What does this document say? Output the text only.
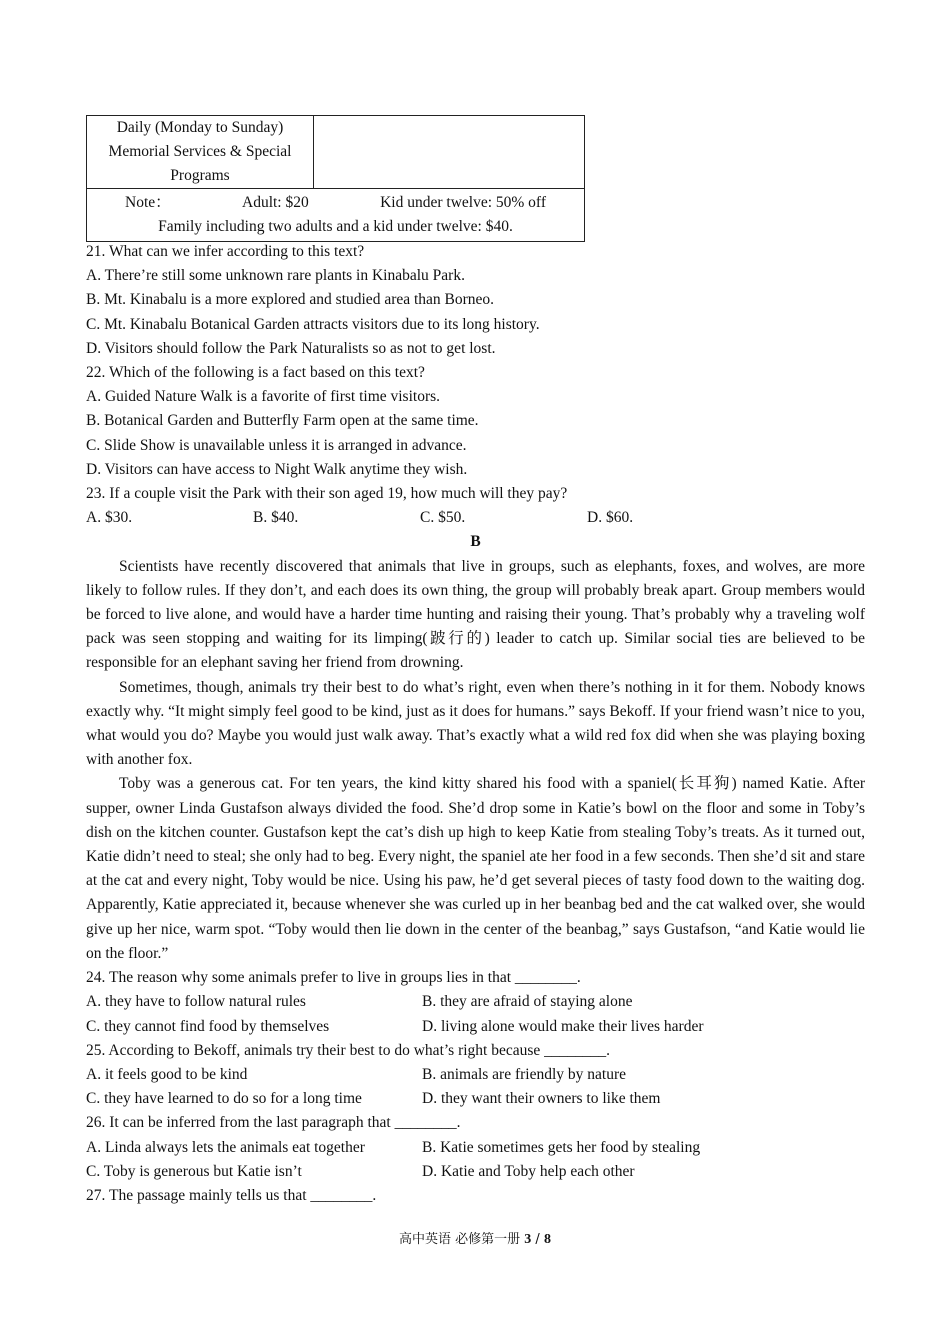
Daily (Monday to Sunday)
Memorial Services & Special
Programs

Note：	Adult: $20	Kid under twelve: 50% off
Family including two adults and a kid under twelve: $40.
21. What can we infer according to this text?
A. There’re still some unknown rare plants in Kinabalu Park.
B. Mt. Kinabalu is a more explored and studied area than Borneo.
C. Mt. Kinabalu Botanical Garden attracts visitors due to its long history.
D. Visitors should follow the Park Naturalists so as not to get lost.
22. Which of the following is a fact based on this text?
A. Guided Nature Walk is a favorite of first time visitors.
B. Botanical Garden and Butterfly Farm open at the same time.
C. Slide Show is unavailable unless it is arranged in advance.
D. Visitors can have access to Night Walk anytime they wish.
23. If a couple visit the Park with their son aged 19, how much will they pay?
A. $30.	B. $40.	C. $50.	D. $60.
B

Scientists have recently discovered that animals that live in groups, such as elephants, foxes, and wolves, are more likely to follow rules. If they don’t, and each does its own thing, the group will probably break apart. Group members would be forced to live alone, and would have a harder time hunting and raising their young. That’s probably why a traveling wolf pack was seen stopping and waiting for its limping(跛行的) leader to catch up. Similar social ties are believed to be responsible for an elephant saving her friend from drowning.

Sometimes, though, animals try their best to do what’s right, even when there’s nothing in it for them. Nobody knows exactly why. “It might simply feel good to be kind, just as it does for humans.” says Bekoff. If your friend wasn’t nice to you, what would you do? Maybe you would just walk away. That’s exactly what a wild red fox did when she was playing boxing with another fox.

Toby was a generous cat. For ten years, the kind kitty shared his food with a spaniel(长耳狗) named Katie. After supper, owner Linda Gustafson always divided the food. She’d drop some in Katie’s bowl on the floor and some in Toby’s dish on the kitchen counter. Gustafson kept the cat’s dish up high to keep Katie from stealing Toby’s treats. As it turned out, Katie didn’t need to steal; she only had to beg. Every night, the spaniel ate her food in a few seconds. Then she’d sit and stare at the cat and every night, Toby would be nice. Using his paw, he’d get several pieces of tasty food down to the waiting dog. Apparently, Katie appreciated it, because whenever she was curled up in her beanbag bed and the cat walked over, she would give up her nice, warm spot. “Toby would then lie down in the center of the beanbag,” says Gustafson, “and Katie would lie on the floor.”

24. The reason why some animals prefer to live in groups lies in that ________.
A. they have to follow natural rules	B. they are afraid of staying alone
C. they cannot find food by themselves	D. living alone would make their lives harder
25. According to Bekoff, animals try their best to do what’s right because ________.
A. it feels good to be kind	B. animals are friendly by nature
C. they have learned to do so for a long time	D. they want their owners to like them
26. It can be inferred from the last paragraph that ________.
A. Linda always lets the animals eat together	B. Katie sometimes gets her food by stealing
C. Toby is generous but Katie isn’t	D. Katie and Toby help each other
27. The passage mainly tells us that ________.
高中英语 必修第一册 3 / 8
